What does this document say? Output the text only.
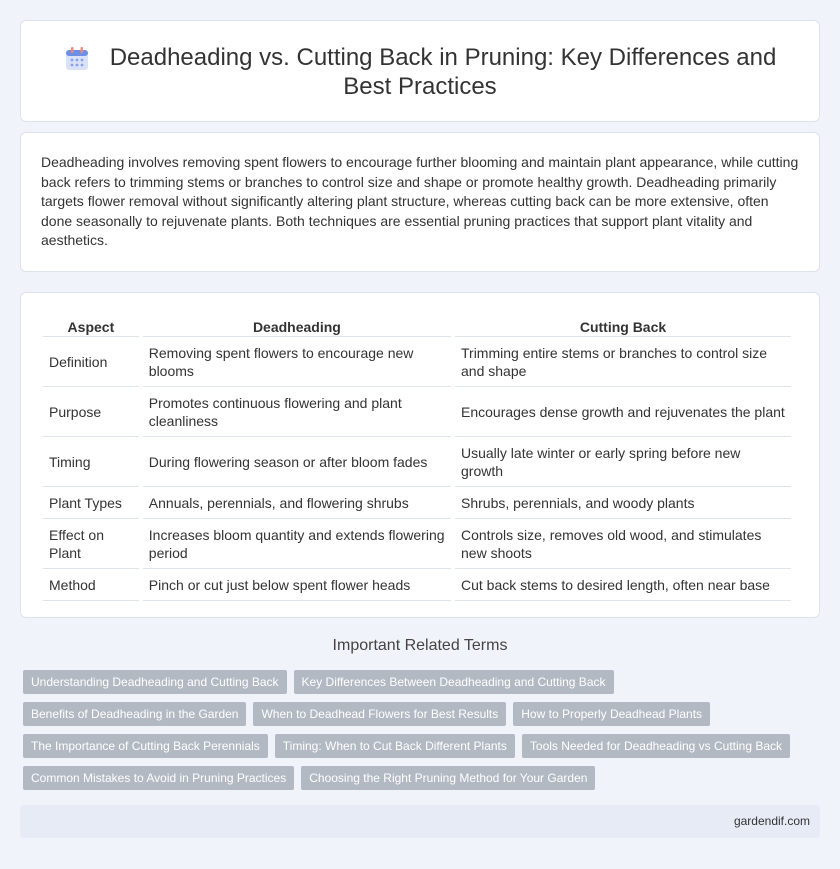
Deadheading vs. Cutting Back in Pruning: Key Differences and Best Practices

Deadheading involves removing spent flowers to encourage further blooming and maintain plant appearance, while cutting back refers to trimming stems or branches to control size and shape or promote healthy growth. Deadheading primarily targets flower removal without significantly altering plant structure, whereas cutting back can be more extensive, often done seasonally to rejuvenate plants. Both techniques are essential pruning practices that support plant vitality and aesthetics.

Aspect	Deadheading	Cutting Back
Definition	Removing spent flowers to encourage new blooms	Trimming entire stems or branches to control size and shape
Purpose	Promotes continuous flowering and plant cleanliness	Encourages dense growth and rejuvenates the plant
Timing	During flowering season or after bloom fades	Usually late winter or early spring before new growth
Plant Types	Annuals, perennials, and flowering shrubs	Shrubs, perennials, and woody plants
Effect on Plant	Increases bloom quantity and extends flowering period	Controls size, removes old wood, and stimulates new shoots
Method	Pinch or cut just below spent flower heads	Cut back stems to desired length, often near base
Important Related Terms
Understanding Deadheading and Cutting Back	Key Differences Between Deadheading and Cutting Back
Benefits of Deadheading in the Garden	When to Deadhead Flowers for Best Results	How to Properly Deadhead Plants
The Importance of Cutting Back Perennials	Timing: When to Cut Back Different Plants	Tools Needed for Deadheading vs Cutting Back
Common Mistakes to Avoid in Pruning Practices	Choosing the Right Pruning Method for Your Garden
gardendif.com
